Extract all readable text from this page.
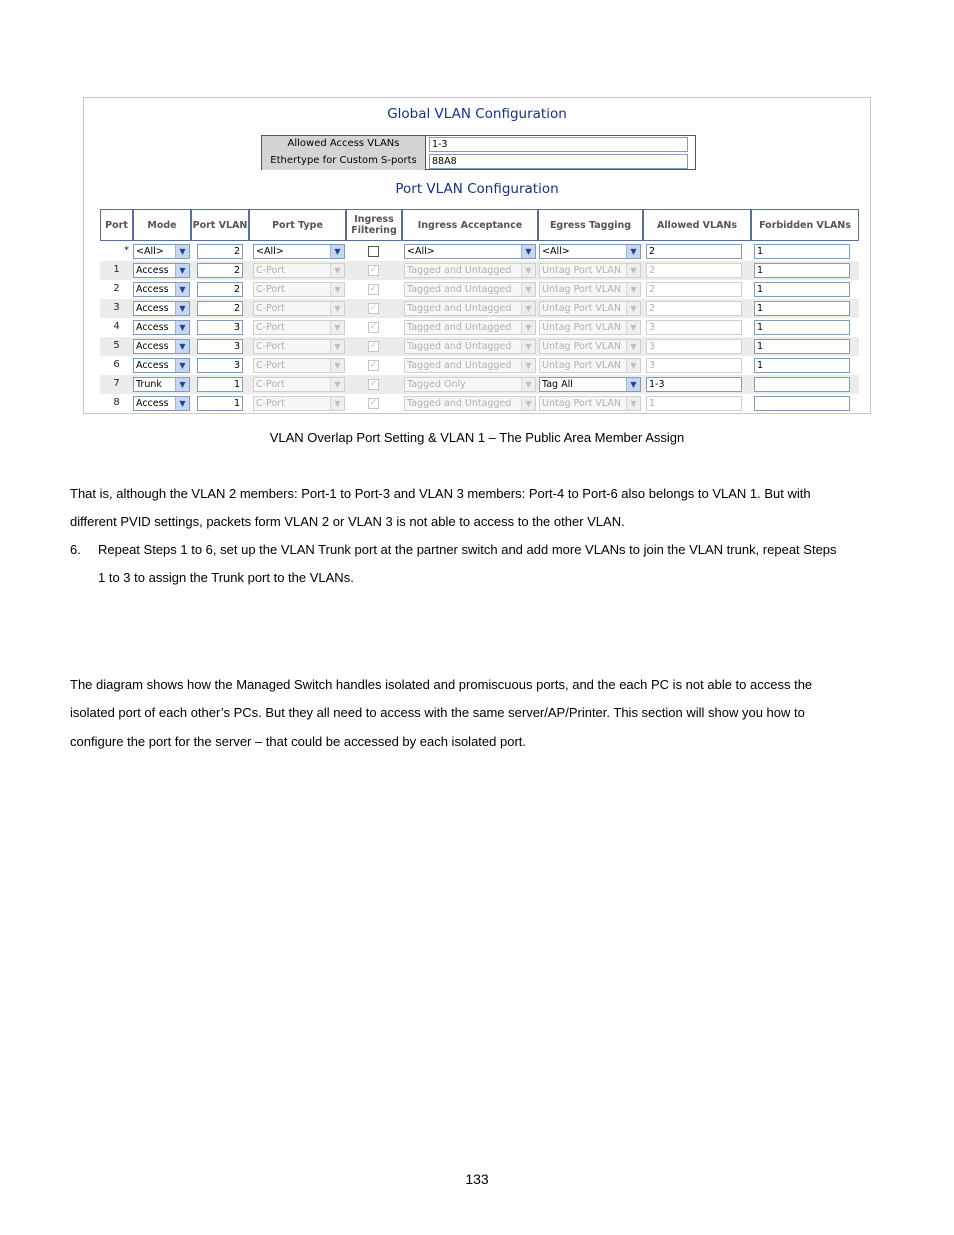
Global VLAN Configuration
Allowed Access VLANs	1-3
Ethertype for Custom S-ports	88A8
Port VLAN Configuration
Port	Mode	Port VLAN	Port Type	Ingress Filtering	Ingress Acceptance	Egress Tagging	Allowed VLANs	Forbidden VLANs
* <All>	▼	2	<All>	▼	<All>	▼	<All>	▼	2	1
1	Access	▼	2	C-Port	▼	✓	Tagged and Untagged	▼	Untag Port VLAN	▼	2	1
2	Access	▼	2	C-Port	▼	✓	Tagged and Untagged	▼	Untag Port VLAN	▼	2	1
3	Access	▼	2	C-Port	▼	✓	Tagged and Untagged	▼	Untag Port VLAN	▼	2	1
4	Access	▼	3	C-Port	▼	✓	Tagged and Untagged	▼	Untag Port VLAN	▼	3	1
5	Access	▼	3	C-Port	▼	✓	Tagged and Untagged	▼	Untag Port VLAN	▼	3	1
6	Access	▼	3	C-Port	▼	✓	Tagged and Untagged	▼	Untag Port VLAN	▼	3	1
7	Trunk	▼	1	C-Port	▼	✓	Tagged Only	▼	Tag All	▼	1-3
8	Access	▼	1	C-Port	▼	✓	Tagged and Untagged	▼	Untag Port VLAN	▼	1
VLAN Overlap Port Setting & VLAN 1 – The Public Area Member Assign
That is, although the VLAN 2 members: Port-1 to Port-3 and VLAN 3 members: Port-4 to Port-6 also belongs to VLAN 1. But with
different PVID settings, packets form VLAN 2 or VLAN 3 is not able to access to the other VLAN.
6. Repeat Steps 1 to 6, set up the VLAN Trunk port at the partner switch and add more VLANs to join the VLAN trunk, repeat Steps
1 to 3 to assign the Trunk port to the VLANs.
The diagram shows how the Managed Switch handles isolated and promiscuous ports, and the each PC is not able to access the
isolated port of each other’s PCs. But they all need to access with the same server/AP/Printer. This section will show you how to
configure the port for the server – that could be accessed by each isolated port.
133
